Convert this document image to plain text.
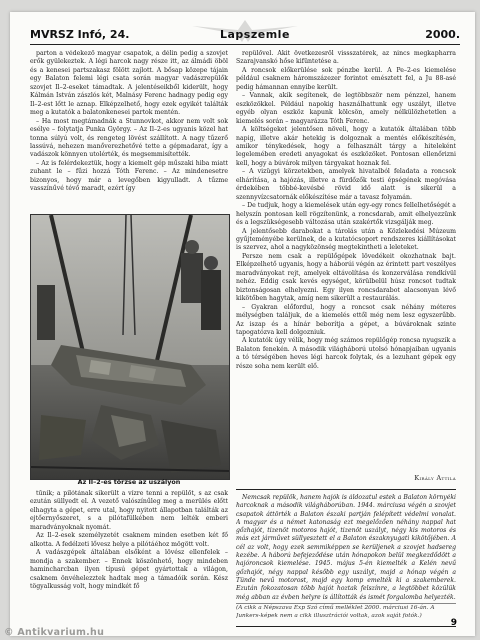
MVRSZ Infó, 24.	Lapszemle	2000.

parton a védekező magyar csapatok, a délin pedig a szovjet erők gyülekeztek. A légi harcok nagy része itt, az álmádi öböl és a kenesei partszakasz fölött zajlott. A bősap közepe tájain egy Balaton felemi légi csata során magyar vadászrepülők szovjet Il–2-eseket támadtak. A jelentéseikből kiderült, hogy Kálmán István zászlós két, Malnásy Ferenc hadnagy pedig egy Il–2-est lőtt le aznap. Elképzelhető, hogy ezek egyikét találták meg a kutatók a balatonkenesei partok mentén.

– Ha most megtámadnák a Stunnovkot, akkor nem volt sok esélye – folytatja Punka György. – Az Il–2-es ugyanis közel hat tonna súlyú volt, és rengeteg lövést szállított. A nagy tűzerő lassúvá, nehezen manőverezhetővé tette a gépmadarat, így a vadászok könnyen utolérték, és megsemmisítették.

– Az is felérdekeztük, hogy a kiemelt gép műszaki hiba miatt zuhant le – fűzi hozzá Tóth Ferenc. – Az mindenesetre bizonyos, hogy már a levegőben kigyulladt. A tűzme vasszínűvé tévő maradt, ezért így

Az Il–2-es törzse az uszályon

tűnik; a pilótának sikerült a vízre tenni a repülőt, s az csak ezután süllyedt el. A vezető valószínűleg meg a merülés előtt elhagyta a gépet, erre utal, hogy nyitott állapotban találták az ejtőernyőszeret, s a pilótafülkében nem lelték emberi maradványoknak nyomát.

Az Il–2-esek személyzetét csaknem minden esetben két fő alkotta. A fedélzeti lővesz helye a pilótáéhoz mögött volt.

A vadászgépek általában elsőként a lövész ellenfelek – mondja a szakember. – Ennek köszönhető, hogy mindeben hamincharcban ilyen típusú gépet gyártottak a világon, csaknem önvéhelezztek hadtak meg a támadóik során. Kész tögyalkusság volt, hogy mindkét fő

repülővel. Akit övetkezesről vissszatérek, az nincs megkapharra Szarajvanskó hőse kifüntetése a.

A roncsok előkerülése sok pénzbe kerül. A Pe–2-es kiemelése például csaknem háromszázezer forintot emésztett fel, a Ju 88-asé pedig hámannan ennyibe került.

– Vannak, akik segítenek, de legtöbbször nem pénzzel, hanem eszközökkel. Például napokig használhattunk egy uszályt, illetve egyéb olyan eszköz kapunk kölcsön, amely nélkülözhetetlen a kiemelés során – magyarázza Tóth Ferenc.

A költségeket jelentősen növeli, hogy a kutatók általában több napig, illetve akár hetekig is dolgoznak a mentés előkészítésén, amikor ténykedések, hogy a felhasznált tárgy a hiteleként legelemében eredeti anyagokat és eszközöket. Pontosan ellenőrizni kell, hogy a búvárok milyen tárgyakat hoznak fel.

– A vizügyi körzetekben, amelyek hivatalból feladata a roncsok elhárítása, a hajózás, illetve a fürdőzők testi épségének megóvása érdekében többé-kevésbé rövid idő alatt is sikerül a szennyvízcsatornák előkészítése már a tavasz folyamán.

– De tudjuk, hogy a kiemelések után egy-egy roncs fellelhetőségét a helyszín pontosan kell rögzítenünk, a roncsdarab, amit elhelyezzünk és a legszükségesebb változása után szakértők vizsgálják meg.

A jelentősebb darabokat a tárolás után a Közlekedési Múzeum gyűjteményébe kerülnek, de a kutatócsoport rendszeres kiállításokat is szervez, ahol a nagyközönség megtekintheti a leleteket.

Persze nem csak a repülőgépek lövedékeit okozhatnak bajt. Elképzelhető ugyanis, hogy a háborúi végén az érintett part veszélyes maradványokat rejt, amelyek eltávolítása és konzerválása rendkívül nehéz. Eddig csak kevés egységet, körülbelül húsz roncsot tudtak biztonságosan elhelyezni. Egy ilyen roncsdarabot alacsonyan lévő kikötőben hagytak, amíg nem sikerült a restaurálás.

– Gyakran előfordul, hogy a roncsot csak néhány méteres mélységben találjuk, de a kiemelés ettől még nem lesz egyszerűbb. Az iszap és a hínár beborítja a gépet, a búvároknak szinte tapogatózva kell dolgozniuk.

A kutatók úgy vélik, hogy még számos repülőgép roncsa nyugszik a Balaton fenekén. A második világháború utolsó hónapjaiban ugyanis a tó térségében heves légi harcok folytak, és a lezuhant gépek egy része soha nem került elő.

Király Attila

Nemcsak repülők, hanem hajók is áldozatul estek a Balaton környéki harcoknak a második világháborúban. 1944. márciusa végén a szovjet csapatok áttörték a Balaton északi partján felépített védelmi vonalat. A magyar és a német katonaság ezt megelőzően néhány nappal hat gőzhajót, tizenöt motoros hajót, tizenöt uszályt, négy kis motoros és más ezt járművet süllyesztett el a Balaton északnyugati kikötőjében. A cél az volt, hogy ezek semmiképpen se kerüljenek a szovjet hadsereg kezébe. A háború befejeződése után hónapokon belül megkezdődött a hajóroncsok kiemelése. 1945. május 5-én kiemelték a Kelén nevű gőzhajót, négy nappal később egy uszályt, majd a hónap végén a Tünde nevű motorost, majd egy komp emelték ki a szakemberek. Ezután fokozatosan több hajót hoztak felszínre, a legtöbbet közülük még abban az évben helyre is állították és ismét forgalomba helyezték.

(A cikk a Népszava Exp Szó című melléklet 2000. márciusi 16-án. A Junkers-képek nem a cikk illusztrációi voltak, azok saját fotók.)
9
© Antikvarium.hu
